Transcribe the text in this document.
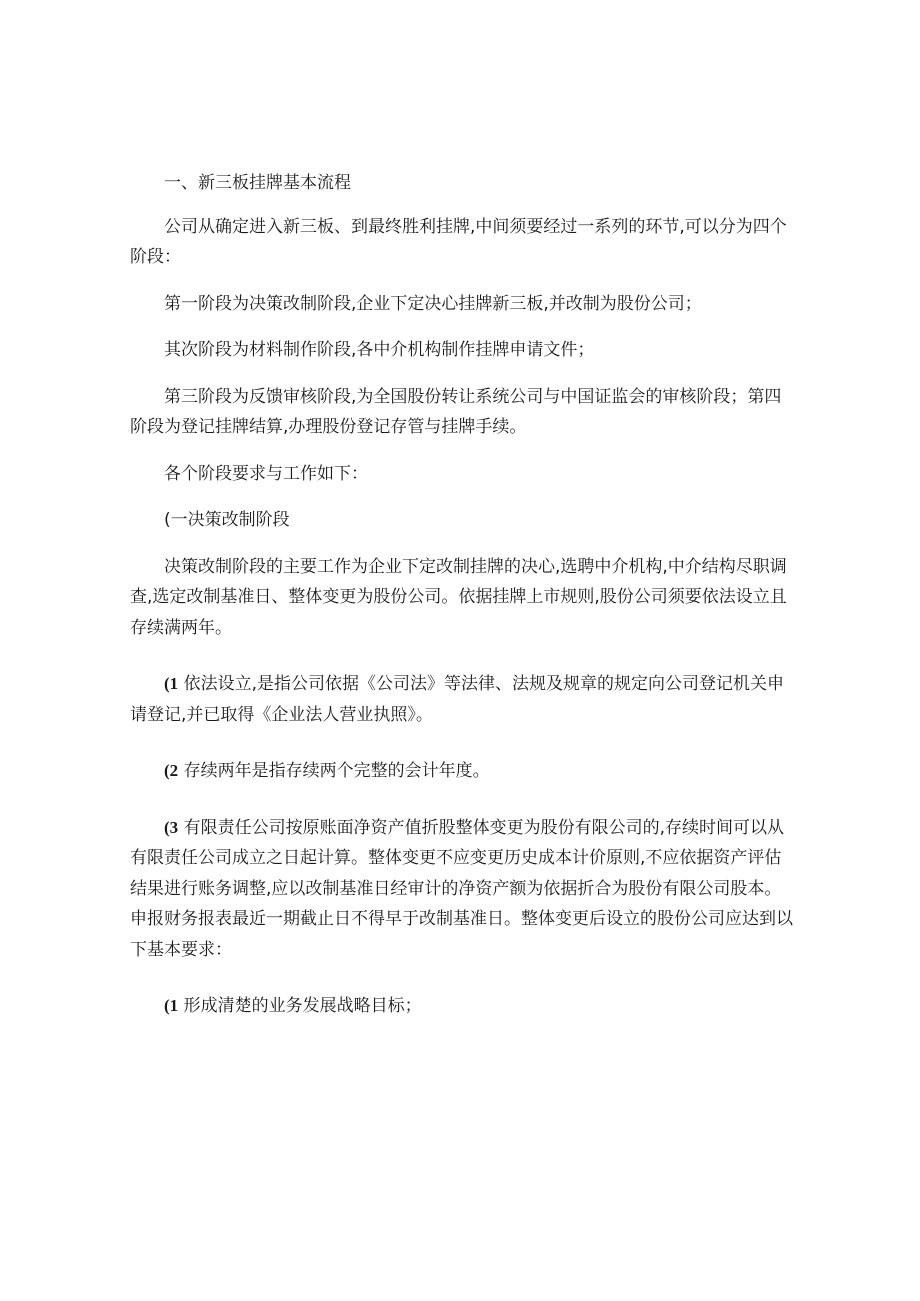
一、新三板挂牌基本流程

公司从确定进入新三板、到最终胜利挂牌,中间须要经过一系列的环节,可以分为四个阶段：

第一阶段为决策改制阶段,企业下定决心挂牌新三板,并改制为股份公司；

其次阶段为材料制作阶段,各中介机构制作挂牌申请文件；

第三阶段为反馈审核阶段,为全国股份转让系统公司与中国证监会的审核阶段；第四阶段为登记挂牌结算,办理股份登记存管与挂牌手续。

各个阶段要求与工作如下：

(一决策改制阶段

决策改制阶段的主要工作为企业下定改制挂牌的决心,选聘中介机构,中介结构尽职调查,选定改制基准日、整体变更为股份公司。依据挂牌上市规则,股份公司须要依法设立且存续满两年。

(1 依法设立,是指公司依据《公司法》等法律、法规及规章的规定向公司登记机关申请登记,并已取得《企业法人营业执照》。

(2 存续两年是指存续两个完整的会计年度。

(3 有限责任公司按原账面净资产值折股整体变更为股份有限公司的,存续时间可以从有限责任公司成立之日起计算。整体变更不应变更历史成本计价原则,不应依据资产评估结果进行账务调整,应以改制基准日经审计的净资产额为依据折合为股份有限公司股本。申报财务报表最近一期截止日不得早于改制基准日。整体变更后设立的股份公司应达到以下基本要求：

(1 形成清楚的业务发展战略目标；
